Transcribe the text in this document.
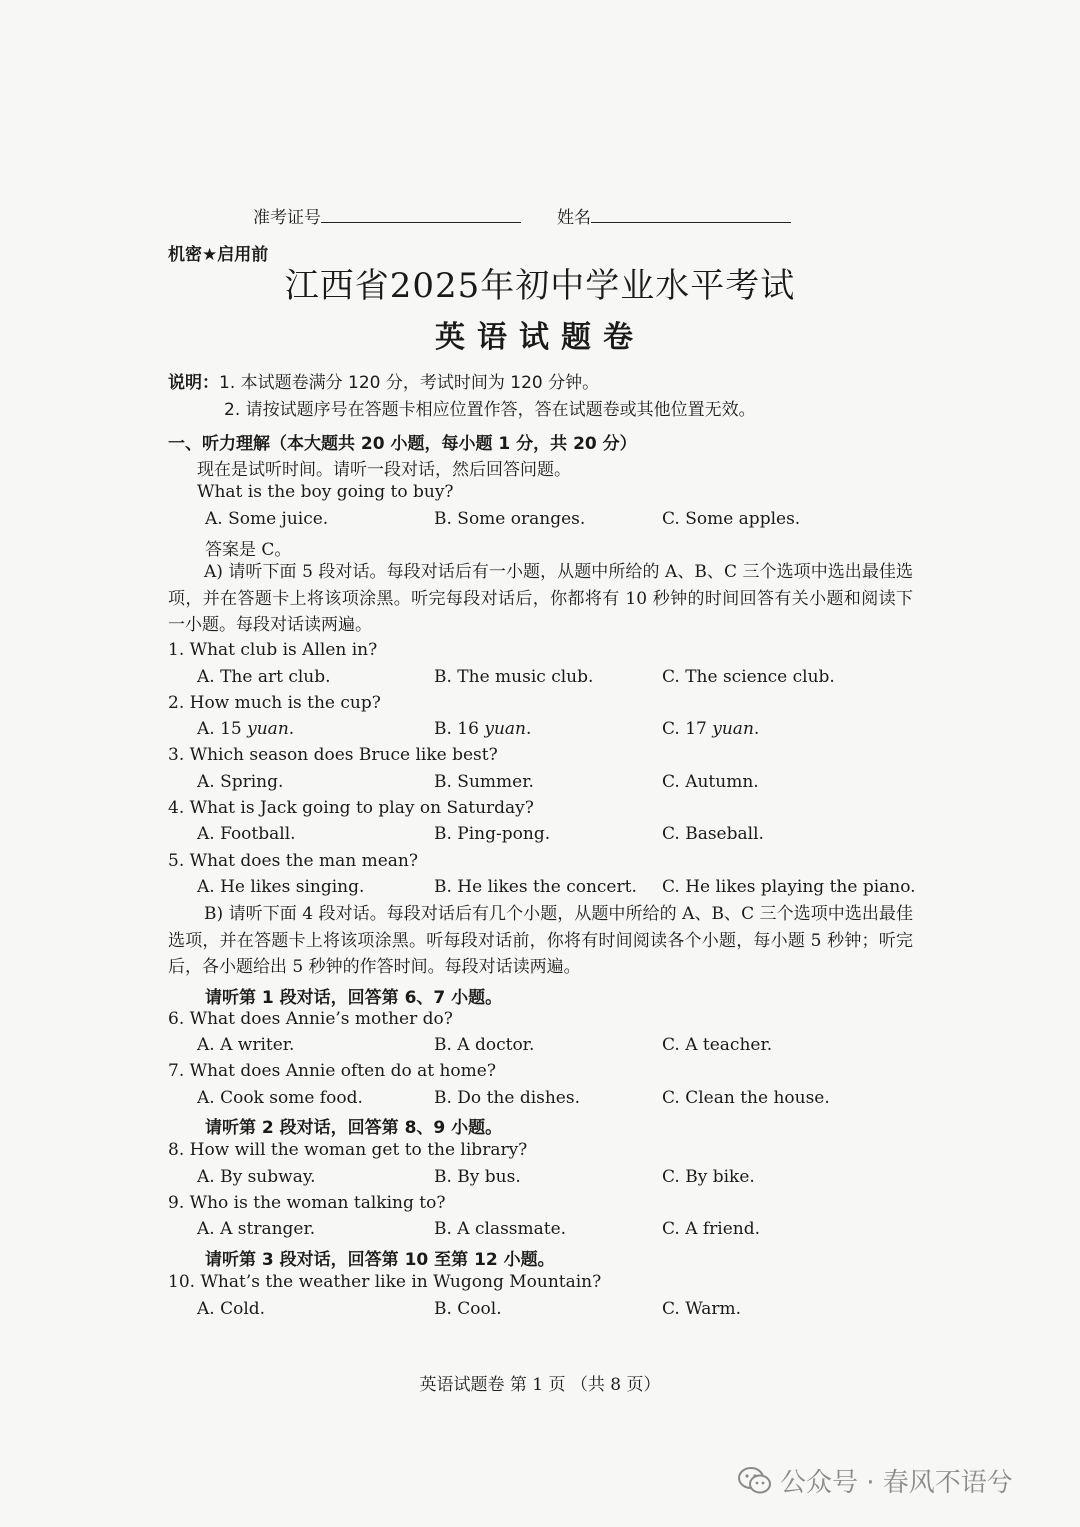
准考证号	姓名
机密★启用前
江西省2025年初中学业水平考试
英语试题卷
说明：1. 本试题卷满分 120 分，考试时间为 120 分钟。
2. 请按试题序号在答题卡相应位置作答，答在试题卷或其他位置无效。
一、听力理解（本大题共 20 小题，每小题 1 分，共 20 分）
现在是试听时间。请听一段对话，然后回答问题。
What is the boy going to buy?
A. Some juice.	B. Some oranges.	C. Some apples.
答案是 C。
A) 请听下面 5 段对话。每段对话后有一小题，从题中所给的 A、B、C 三个选项中选出最佳选项，并在答题卡上将该项涂黑。听完每段对话后，你都将有 10 秒钟的时间回答有关小题和阅读下一小题。每段对话读两遍。
1. What club is Allen in?
A. The art club.	B. The music club.	C. The science club.
2. How much is the cup?
A. 15 yuan.	B. 16 yuan.	C. 17 yuan.
3. Which season does Bruce like best?
A. Spring.	B. Summer.	C. Autumn.
4. What is Jack going to play on Saturday?
A. Football.	B. Ping-pong.	C. Baseball.
5. What does the man mean?
A. He likes singing.	B. He likes the concert. C. He likes playing the piano.
B) 请听下面 4 段对话。每段对话后有几个小题，从题中所给的 A、B、C 三个选项中选出最佳选项，并在答题卡上将该项涂黑。听每段对话前，你将有时间阅读各个小题，每小题 5 秒钟；听完后，各小题给出 5 秒钟的作答时间。每段对话读两遍。
请听第 1 段对话，回答第 6、7 小题。
6. What does Annie’s mother do?
A. A writer.	B. A doctor.	C. A teacher.
7. What does Annie often do at home?
A. Cook some food.	B. Do the dishes.	C. Clean the house.
请听第 2 段对话，回答第 8、9 小题。
8. How will the woman get to the library?
A. By subway.	B. By bus.	C. By bike.
9. Who is the woman talking to?
A. A stranger.	B. A classmate.	C. A friend.
请听第 3 段对话，回答第 10 至第 12 小题。
10. What’s the weather like in Wugong Mountain?
A. Cold.	B. Cool.	C. Warm.
英语试题卷 第 1 页 （共 8 页）
公众号 · 春风不语兮
